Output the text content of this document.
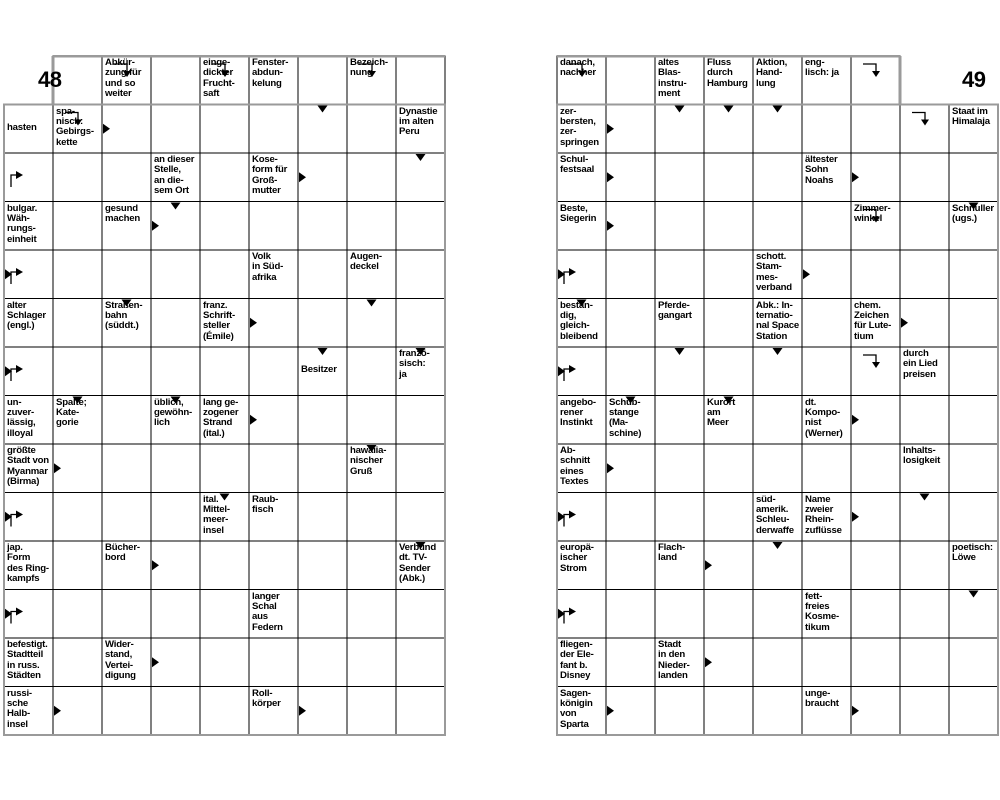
48
Abkür-
zung für
und so
weiter
einge-
dickter
Frucht-
saft
Fenster-
abdun-
kelung
Bezeich-
nung
hasten
spa-
nisch:
Gebirgs-
kette
Dynastie
im alten
Peru
an dieser
Stelle,
an die-
sem Ort
Kose-
form für
Groß-
mutter
bulgar.
Wäh-
rungs-
einheit
gesund
machen
Volk
in Süd-
afrika
Augen-
deckel
alter
Schlager
(engl.)
Straßen-
bahn
(süddt.)
franz.
Schrift-
steller
(Émile)
Besitzer
franzö-
sisch:
ja
un-
zuver-
lässig,
illoyal
Spalte;
Kate-
gorie
üblich,
gewöhn-
lich
lang ge-
zogener
Strand
(ital.)
größte
Stadt von
Myanmar
(Birma)
hawaiia-
nischer
Gruß
ital.
Mittel-
meer-
insel
Raub-
fisch
jap.
Form
des Ring-
kampfs
Bücher-
bord
Verbund
dt. TV-
Sender
(Abk.)
langer
Schal
aus
Federn
befestigt.
Stadtteil
in russ.
Städten
Wider-
stand,
Vertei-
digung
russi-
sche
Halb-
insel
Roll-
körper
49
danach,
nachher
altes
Blas-
instru-
ment
Fluss
durch
Hamburg
Aktion,
Hand-
lung
eng-
lisch: ja
zer-
bersten,
zer-
springen
Staat im
Himalaja
Schul-
festsaal
ältester
Sohn
Noahs
Beste,
Siegerin
Zimmer-
winkel
Schnuller
(ugs.)
schott.
Stam-
mes-
verband
bestän-
dig,
gleich-
bleibend
Pferde-
gangart
Abk.: In-
ternatio-
nal Space
Station
chem.
Zeichen
für Lute-
tium
durch
ein Lied
preisen
angebo-
rener
Instinkt
Schub-
stange
(Ma-
schine)
Kurort
am
Meer
dt.
Kompo-
nist
(Werner)
Ab-
schnitt
eines
Textes
Inhalts-
losigkeit
süd-
amerik.
Schleu-
derwaffe
Name
zweier
Rhein-
zuflüsse
europä-
ischer
Strom
Flach-
land
poetisch:
Löwe
fett-
freies
Kosme-
tikum
fliegen-
der Ele-
fant b.
Disney
Stadt
in den
Nieder-
landen
Sagen-
königin
von
Sparta
unge-
braucht
